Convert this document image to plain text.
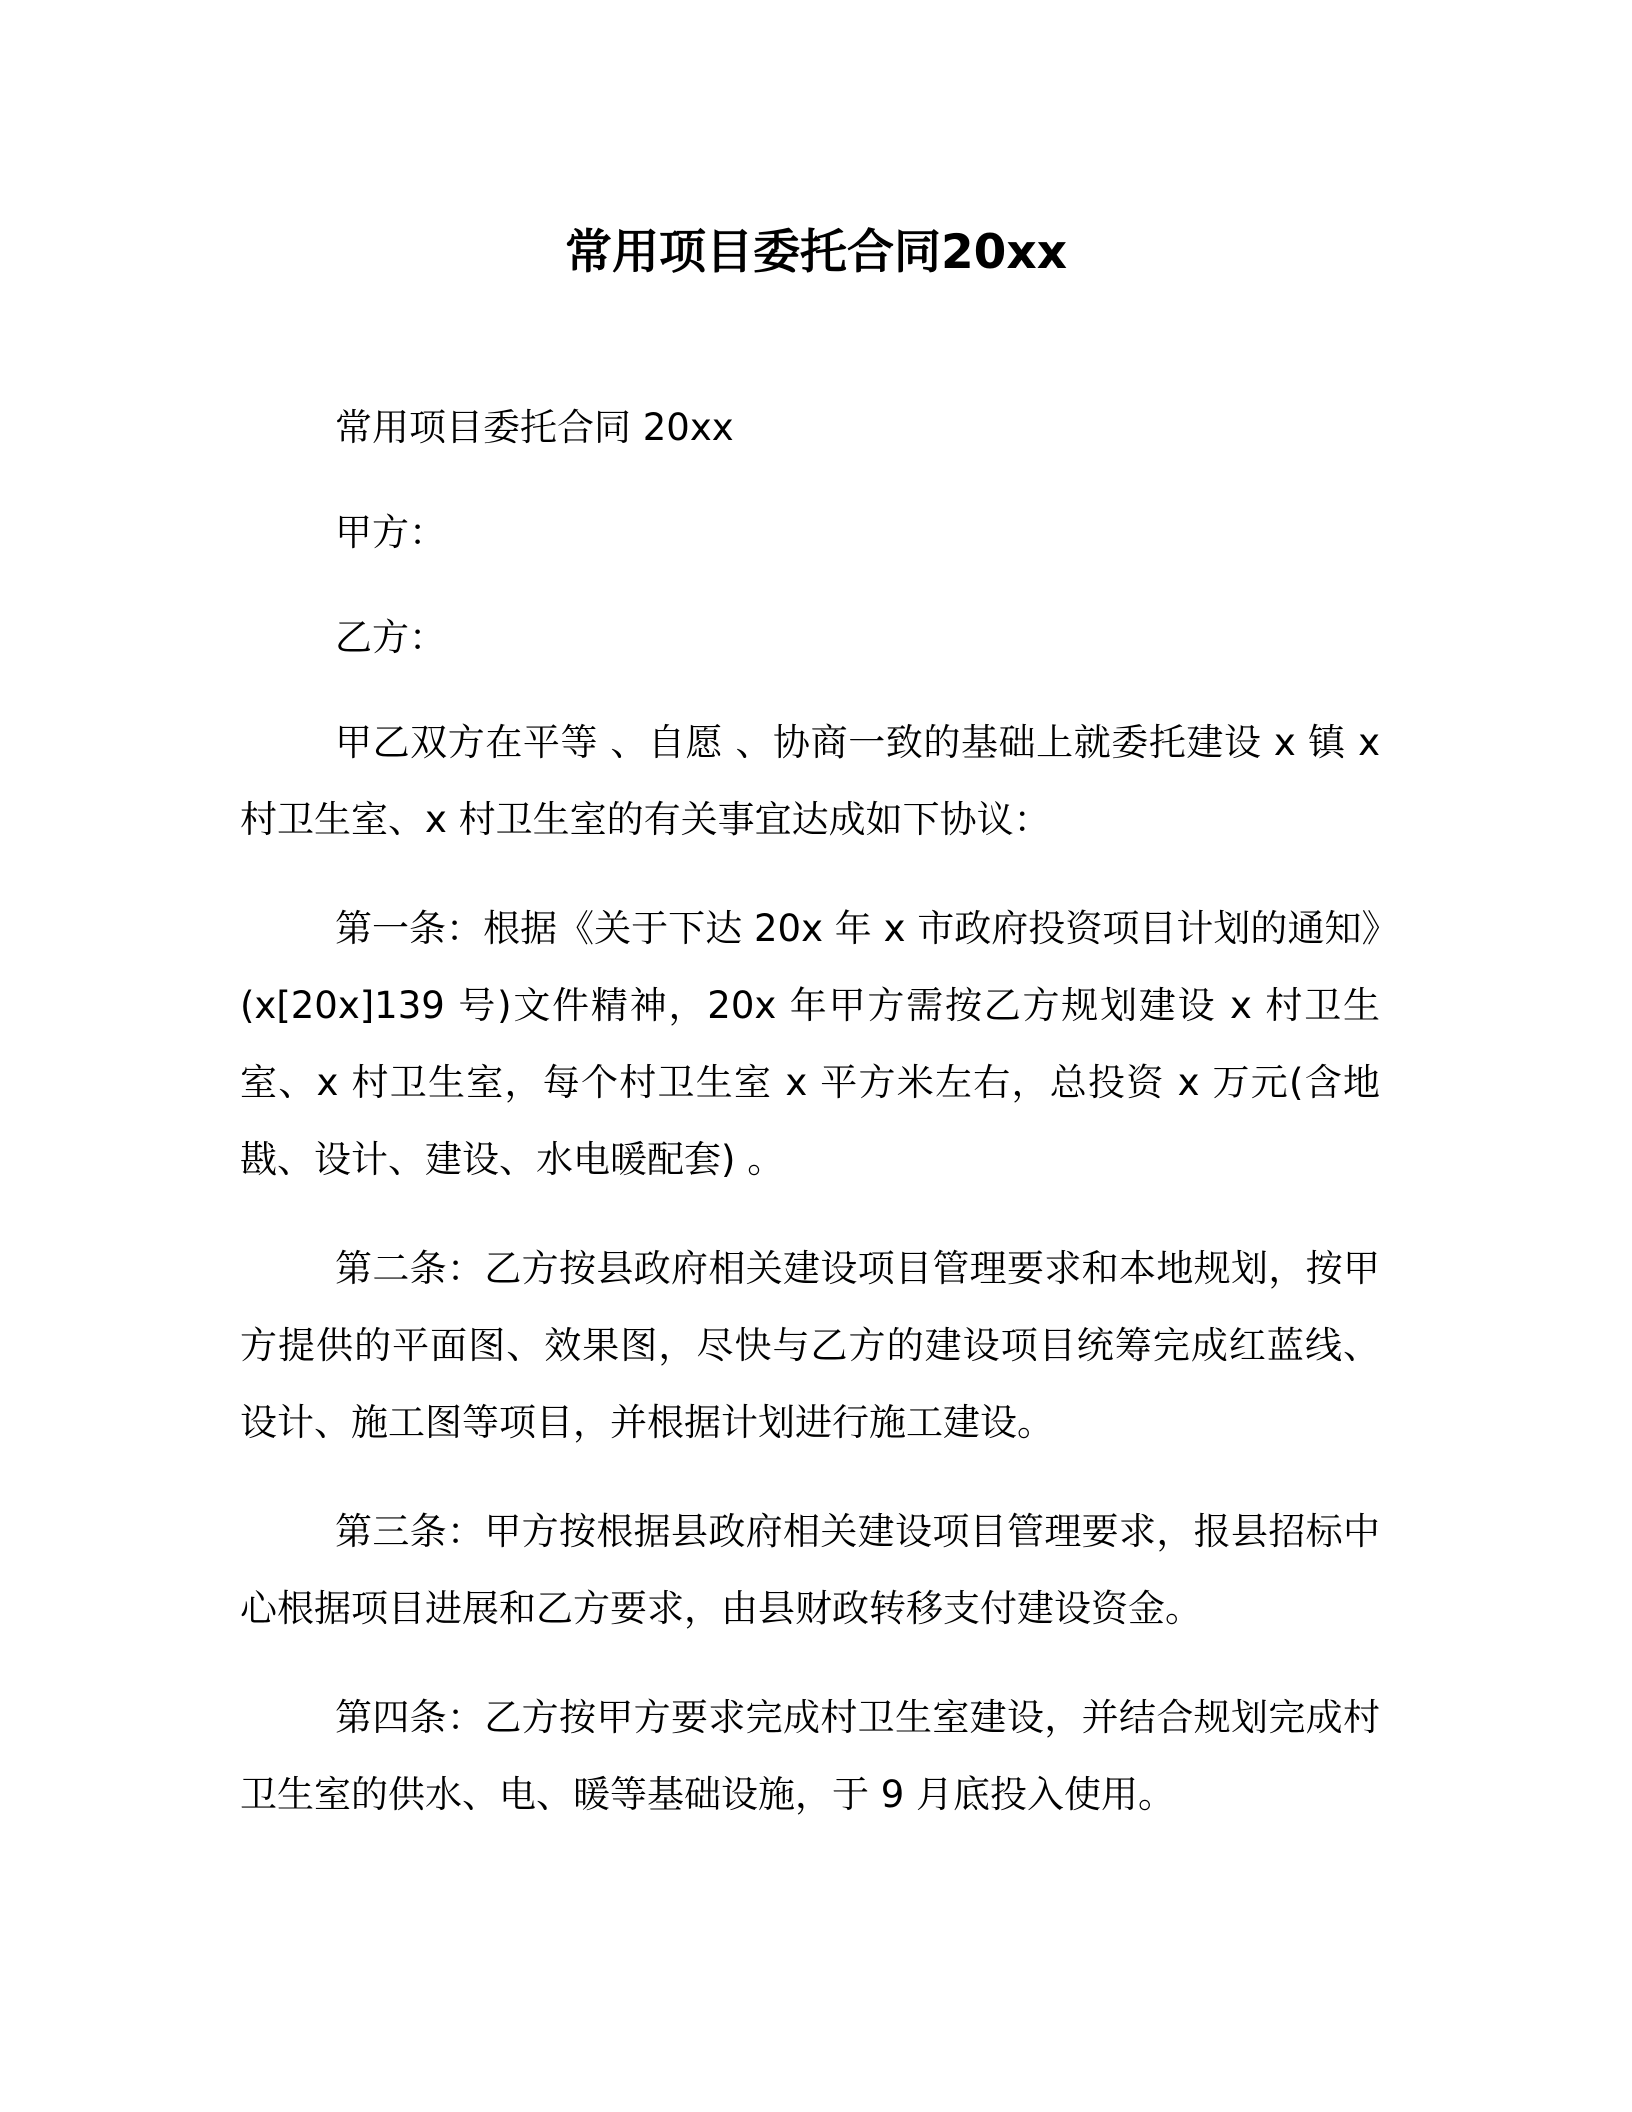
常用项目委托合同20xx

常用项目委托合同 20xx

甲方：

乙方：

甲乙双方在平等 、自愿 、协商一致的基础上就委托建设 x 镇 x 村卫生室、x 村卫生室的有关事宜达成如下协议：

第一条：根据《关于下达 20x 年 x 市政府投资项目计划的通知》(x[20x]139 号)文件精神，20x 年甲方需按乙方规划建设 x 村卫生室、x 村卫生室，每个村卫生室 x 平方米左右，总投资 x 万元(含地戡、设计、建设、水电暖配套) 。

第二条：乙方按县政府相关建设项目管理要求和本地规划，按甲方提供的平面图、效果图，尽快与乙方的建设项目统筹完成红蓝线、设计、施工图等项目，并根据计划进行施工建设。

第三条：甲方按根据县政府相关建设项目管理要求，报县招标中心根据项目进展和乙方要求，由县财政转移支付建设资金。

第四条：乙方按甲方要求完成村卫生室建设，并结合规划完成村卫生室的供水、电、暖等基础设施，于 9 月底投入使用。
